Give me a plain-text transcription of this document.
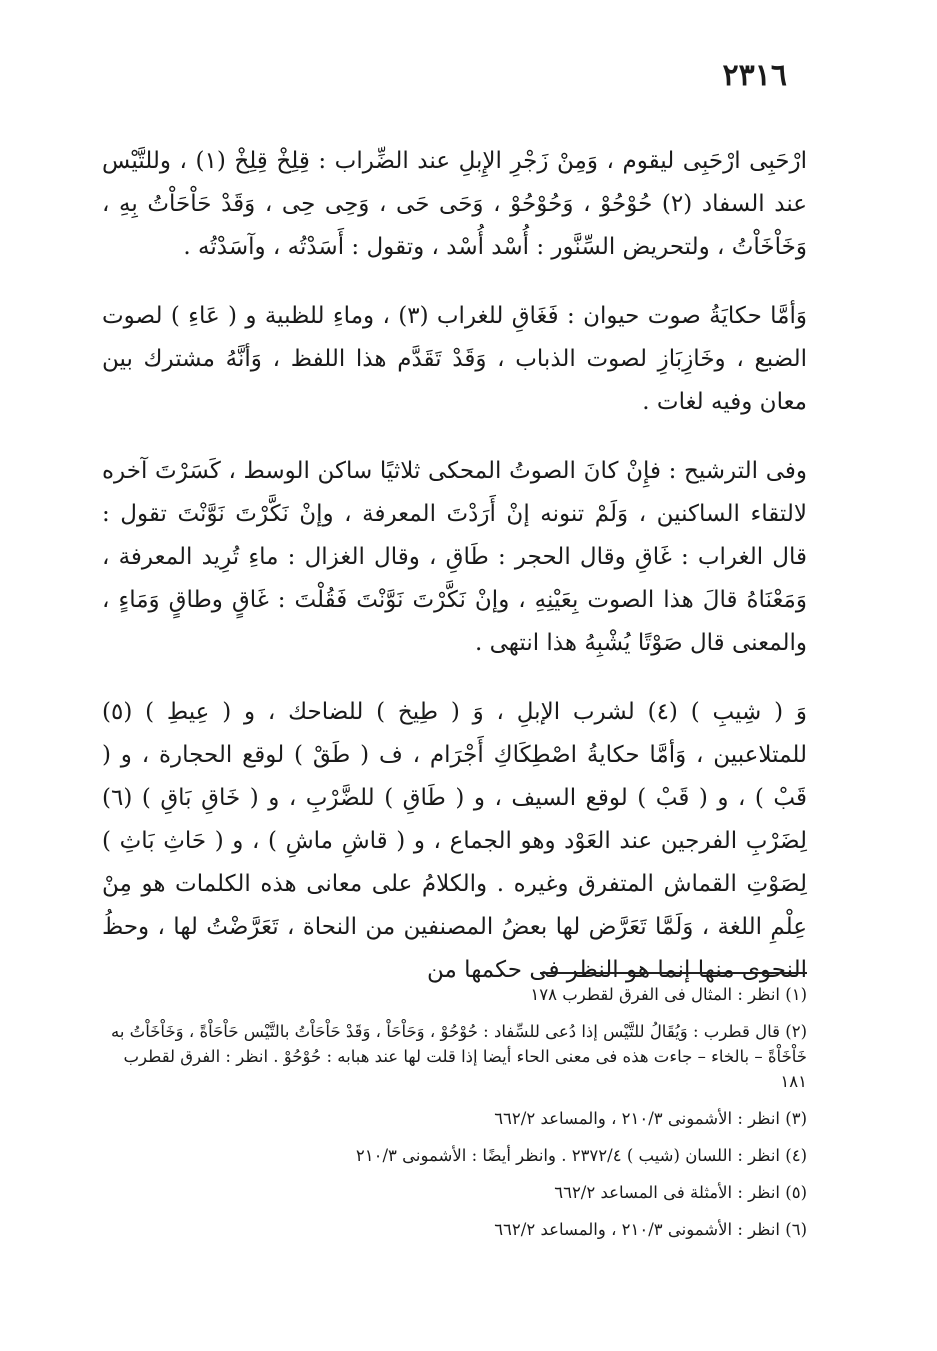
٢٣١٦

ارْحَبِى ارْحَبِى ليقوم ، وَمِنْ زَجْرِ الإِبلِ عند الضِّراب : قِلِخْ قِلِخْ (١) ، وللتَّيْس عند السفاد (٢) حُوْحُوْ ، وَحُوْحُوْ ، وَحَى حَى ، وَحِى حِى ، وَقَدْ حَاْحَاْتُ بِهِ ، وَخَاْخَاْتُ ، ولتحريض السِّنَّور : أُسْد أُسْد ، وتقول : أَسَدْتُه ، وآسَدْتُه .

وَأمَّا حكايَةُ صوت حيوان : فَغَاقِ للغراب (٣) ، وماءِ للظبية و ( عَاءِ ) لصوت الضبع ، وخَازِبَازِ لصوت الذباب ، وَقَدْ تَقَدَّم هذا اللفظ ، وَأنَّهُ مشترك بين معان وفيه لغات .

وفى الترشيح : فإِنْ كانَ الصوتُ المحكى ثلاثيًا ساكن الوسط ، كَسَرْتَ آخره لالتقاء الساكنين ، وَلَمْ تنونه إنْ أَرَدْتَ المعرفة ، وإنْ نَكَّرْتَ نَوَّنْتَ تقول : قال الغراب : غَاقِ وقال الحجر : طَاقِ ، وقال الغزال : ماءِ تُرِيد المعرفة ، وَمَعْنَاهُ قالَ هذا الصوت بِعَيْنِهِ ، وإنْ نَكَّرْتَ نَوَّنْتَ فَقُلْتَ : غَاقٍ وطاقٍ وَمَاءٍ ، والمعنى قال صَوْتًا يُشْبِهُ هذا انتهى .

وَ ( شِيبِ ) (٤) لشرب الإبلِ ، وَ ( طِيخ ) للضاحك ، و ( عِيطِ ) (٥) للمتلاعبين ، وَأمَّا حكايةُ اصْطِكَاكِ أَجْرَام ، ف ( طَقْ ) لوقع الحجارة ، و ( قَبْ ) ، و ( قَبْ ) لوقع السيف ، و ( طَاقِ ) للضَّرْبِ ، و ( خَاقِ بَاقِ ) (٦) لِضَرْبِ الفرجين عند العَوْد وهو الجماع ، و ( قاشِ ماشِ ) ، و ( حَاثِ بَاثِ ) لِصَوْتِ القماش المتفرق وغيره . والكلامُ على معانى هذه الكلمات هو مِنْ عِلْمِ اللغة ، وَلَمَّا تَعَرَّض لها بعضُ المصنفين من النحاة ، تَعَرَّضْتُ لها ، وحظُ النحوى منها إنما هو النظر فى حكمها من

(١) انظر : المثال فى الفرق لقطرب ١٧٨

(٢) قال قطرب : وَيُقَالُ للتَّيْس إذا دُعى للسِّفاد : حُوْحُوْ ، وَحَاْحَاْ ، وَقَدْ حَاْحَاْتُ بالتَّيْس حَاْحَاْةً ، وَخَاْخَاْتُ به خَاْخَاْةً – بالخاء – جاءت هذه فى معنى الحاء أيضا إذا قلت لها عند هبابه : حُوْحُوْ . انظر : الفرق لقطرب ١٨١

(٣) انظر : الأشمونى ٢١٠/٣ ، والمساعد ٦٦٢/٢

(٤) انظر : اللسان (شيب ) ٢٣٧٢/٤ . وانظر أيضًا : الأشمونى ٢١٠/٣

(٥) انظر : الأمثلة فى المساعد ٦٦٢/٢

(٦) انظر : الأشمونى ٢١٠/٣ ، والمساعد ٦٦٢/٢
